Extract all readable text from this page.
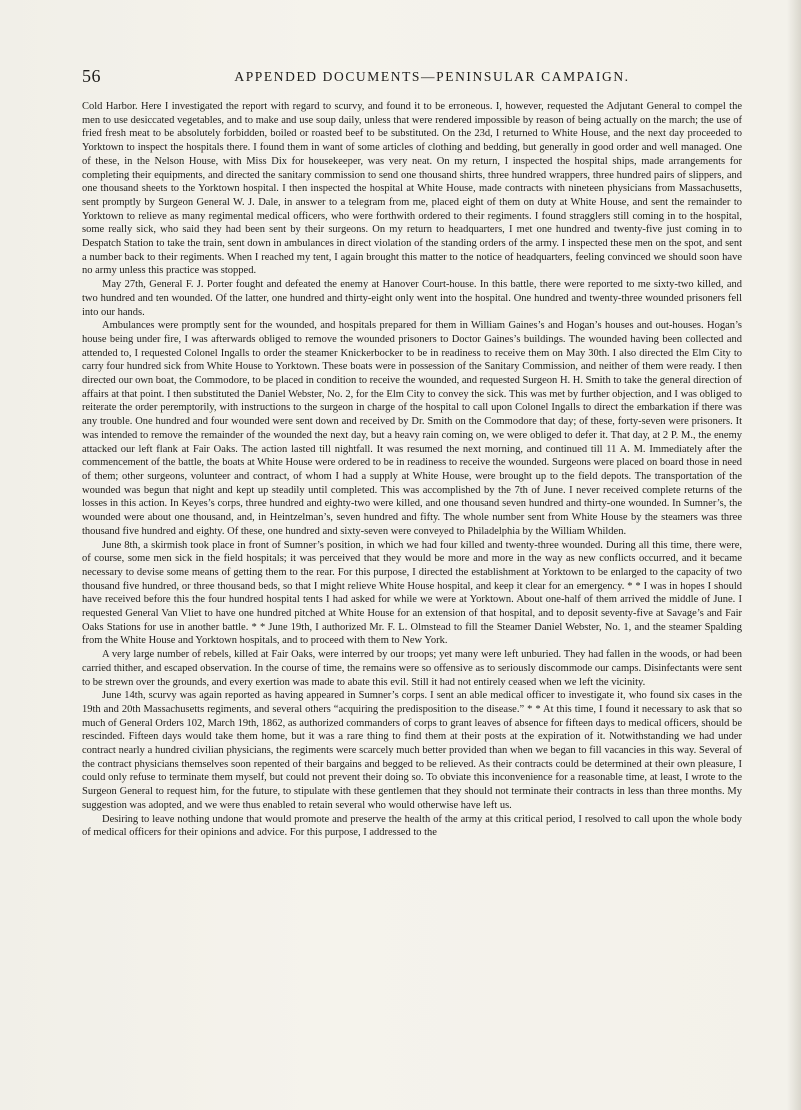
56	APPENDED DOCUMENTS—PENINSULAR CAMPAIGN.

Cold Harbor. Here I investigated the report with regard to scurvy, and found it to be erroneous. I, however, requested the Adjutant General to compel the men to use desiccated vegetables, and to make and use soup daily, unless that were rendered impossible by reason of being actually on the march; the use of fried fresh meat to be absolutely forbidden, boiled or roasted beef to be substituted. On the 23d, I returned to White House, and the next day proceeded to Yorktown to inspect the hospitals there. I found them in want of some articles of clothing and bedding, but generally in good order and well managed. One of these, in the Nelson House, with Miss Dix for housekeeper, was very neat. On my return, I inspected the hospital ships, made arrangements for completing their equipments, and directed the sanitary commission to send one thousand shirts, three hundred wrappers, three hundred pairs of slippers, and one thousand sheets to the Yorktown hospital. I then inspected the hospital at White House, made contracts with nineteen physicians from Massachusetts, sent promptly by Surgeon General W. J. Dale, in answer to a telegram from me, placed eight of them on duty at White House, and sent the remainder to Yorktown to relieve as many regimental medical officers, who were forthwith ordered to their regiments. I found stragglers still coming in to the hospital, some really sick, who said they had been sent by their surgeons. On my return to headquarters, I met one hundred and twenty-five just coming in to Despatch Station to take the train, sent down in ambulances in direct violation of the standing orders of the army. I inspected these men on the spot, and sent a number back to their regiments. When I reached my tent, I again brought this matter to the notice of headquarters, feeling convinced we should soon have no army unless this practice was stopped.

May 27th, General F. J. Porter fought and defeated the enemy at Hanover Court-house. In this battle, there were reported to me sixty-two killed, and two hundred and ten wounded. Of the latter, one hundred and thirty-eight only went into the hospital. One hundred and twenty-three wounded prisoners fell into our hands.

Ambulances were promptly sent for the wounded, and hospitals prepared for them in William Gaines’s and Hogan’s houses and out-houses. Hogan’s house being under fire, I was afterwards obliged to remove the wounded prisoners to Doctor Gaines’s buildings. The wounded having been collected and attended to, I requested Colonel Ingalls to order the steamer Knickerbocker to be in readiness to receive them on May 30th. I also directed the Elm City to carry four hundred sick from White House to Yorktown. These boats were in possession of the Sanitary Commission, and neither of them were ready. I then directed our own boat, the Commodore, to be placed in condition to receive the wounded, and requested Surgeon H. H. Smith to take the general direction of affairs at that point. I then substituted the Daniel Webster, No. 2, for the Elm City to convey the sick. This was met by further objection, and I was obliged to reiterate the order peremptorily, with instructions to the surgeon in charge of the hospital to call upon Colonel Ingalls to direct the embarkation if there was any trouble. One hundred and four wounded were sent down and received by Dr. Smith on the Commodore that day; of these, forty-seven were prisoners. It was intended to remove the remainder of the wounded the next day, but a heavy rain coming on, we were obliged to defer it. That day, at 2 P. M., the enemy attacked our left flank at Fair Oaks. The action lasted till nightfall. It was resumed the next morning, and continued till 11 A. M. Immediately after the commencement of the battle, the boats at White House were ordered to be in readiness to receive the wounded. Surgeons were placed on board those in need of them; other surgeons, volunteer and contract, of whom I had a supply at White House, were brought up to the field depots. The transportation of the wounded was begun that night and kept up steadily until completed. This was accomplished by the 7th of June. I never received complete returns of the losses in this action. In Keyes’s corps, three hundred and eighty-two were killed, and one thousand seven hundred and thirty-one wounded. In Sumner’s, the wounded were about one thousand, and, in Heintzelman’s, seven hundred and fifty. The whole number sent from White House by the steamers was three thousand five hundred and eighty. Of these, one hundred and sixty-seven were conveyed to Philadelphia by the William Whilden.

June 8th, a skirmish took place in front of Sumner’s position, in which we had four killed and twenty-three wounded. During all this time, there were, of course, some men sick in the field hospitals; it was perceived that they would be more and more in the way as new conflicts occurred, and it became necessary to devise some means of getting them to the rear. For this purpose, I directed the establishment at Yorktown to be enlarged to the capacity of two thousand five hundred, or three thousand beds, so that I might relieve White House hospital, and keep it clear for an emergency. * * I was in hopes I should have received before this the four hundred hospital tents I had asked for while we were at Yorktown. About one-half of them arrived the middle of June. I requested General Van Vliet to have one hundred pitched at White House for an extension of that hospital, and to deposit seventy-five at Savage’s and Fair Oaks Stations for use in another battle. * * June 19th, I authorized Mr. F. L. Olmstead to fill the Steamer Daniel Webster, No. 1, and the steamer Spalding from the White House and Yorktown hospitals, and to proceed with them to New York.

A very large number of rebels, killed at Fair Oaks, were interred by our troops; yet many were left unburied. They had fallen in the woods, or had been carried thither, and escaped observation. In the course of time, the remains were so offensive as to seriously discommode our camps. Disinfectants were sent to be strewn over the grounds, and every exertion was made to abate this evil. Still it had not entirely ceased when we left the vicinity.

June 14th, scurvy was again reported as having appeared in Sumner’s corps. I sent an able medical officer to investigate it, who found six cases in the 19th and 20th Massachusetts regiments, and several others “acquiring the predisposition to the disease.” * * At this time, I found it necessary to ask that so much of General Orders 102, March 19th, 1862, as authorized commanders of corps to grant leaves of absence for fifteen days to medical officers, should be rescinded. Fifteen days would take them home, but it was a rare thing to find them at their posts at the expiration of it. Notwithstanding we had under contract nearly a hundred civilian physicians, the regiments were scarcely much better provided than when we began to fill vacancies in this way. Several of the contract physicians themselves soon repented of their bargains and begged to be relieved. As their contracts could be determined at their own pleasure, I could only refuse to terminate them myself, but could not prevent their doing so. To obviate this inconvenience for a reasonable time, at least, I wrote to the Surgeon General to request him, for the future, to stipulate with these gentlemen that they should not terminate their contracts in less than three months. My suggestion was adopted, and we were thus enabled to retain several who would otherwise have left us.

Desiring to leave nothing undone that would promote and preserve the health of the army at this critical period, I resolved to call upon the whole body of medical officers for their opinions and advice. For this purpose, I addressed to the
